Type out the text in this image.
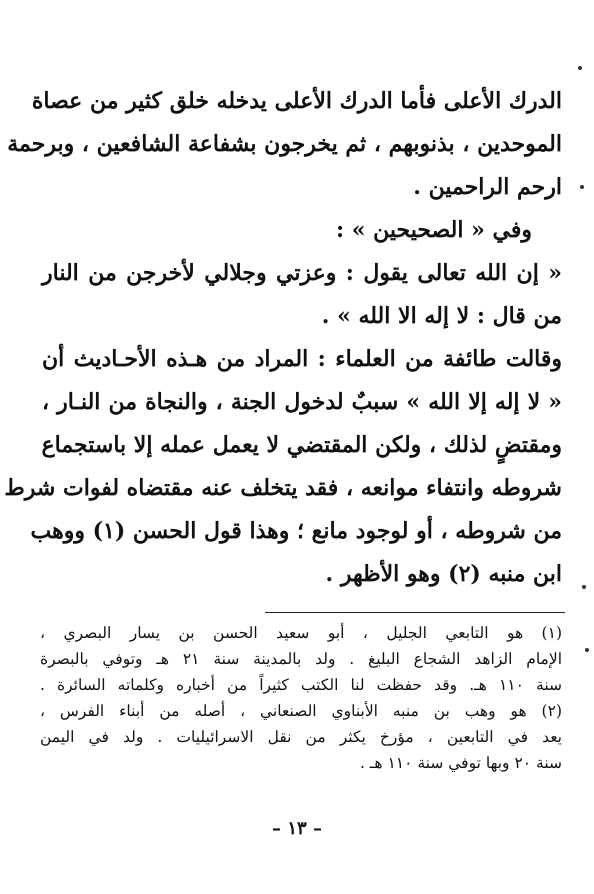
الدرك الأعلى فأما الدرك الأعلى يدخله خلق كثير من عصاة
الموحدين ، بذنوبهم ، ثم يخرجون بشفاعة الشافعين ، وبرحمة
ارحم الراحمين .
وفي « الصحيحين » :
« إن الله تعالى يقول : وعزتي وجلالي لأخرجن من النار
من قال : لا إله الا الله » .
وقالت طائفة من العلماء : المراد من هـذه الأحـاديث أن
« لا إله إلا الله » سببٌ لدخول الجنة ، والنجاة من النـار ،
ومقتضٍ لذلك ، ولكن المقتضي لا يعمل عمله إلا باستجماع
شروطه وانتفاء موانعه ، فقد يتخلف عنه مقتضاه لفوات شرط
من شروطه ، أو لوجود مانع ؛ وهذا قول الحسن (١) ووهب
ابن منبه (٢) وهو الأظهر .
(١) هو التابعي الجليل ، أبو سعيد الحسن بن يسار البصري ،
الإمام الزاهد الشجاع البليغ . ولد بالمدينة سنة ٢١ هـ وتوفي بالبصرة
سنة ١١٠ هـ. وقد حفظت لنا الكتب كثيراً من أخباره وكلماته السائرة .
(٢) هو وهب بن منبه الأبناوي الصنعاني ، أصله من أبناء الفرس ،
يعد في التابعين ، مؤرخ يكثر من نقل الاسرائيليات . ولد في اليمن
سنة ٢٠ وبها توفي سنة ١١٠ هـ .
– ١٣ –
